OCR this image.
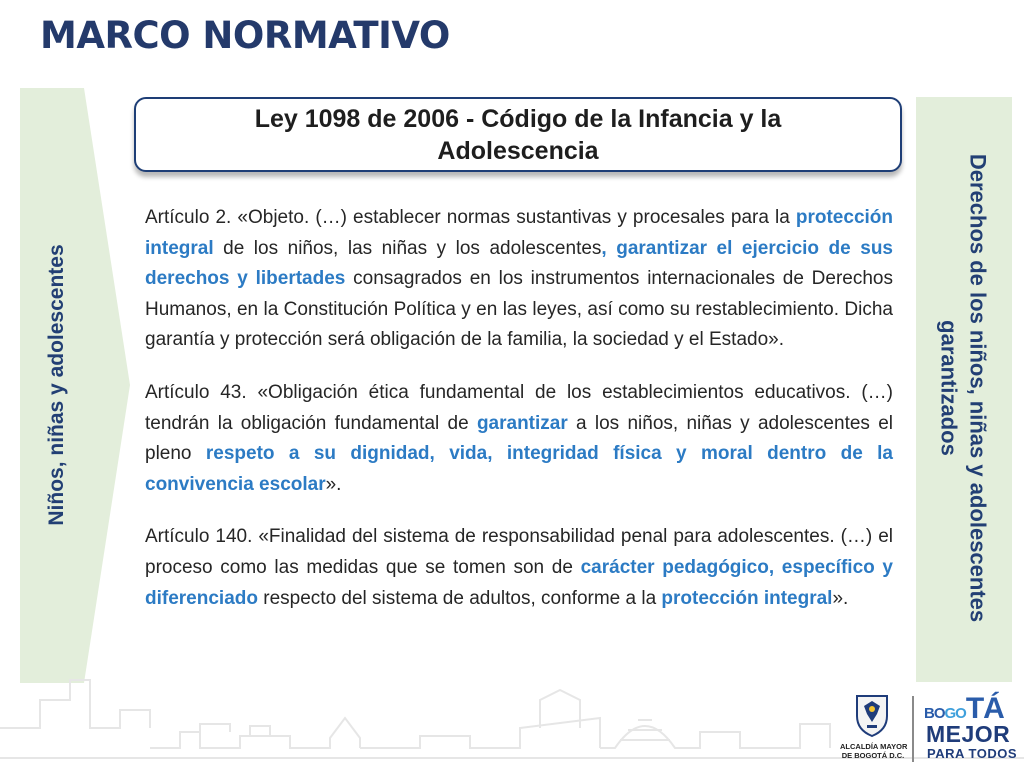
MARCO NORMATIVO
Niños, niñas y adolescentes	Derechos de los niños, niñas y adolescentes garantizados
Ley 1098 de 2006 - Código de la Infancia y la Adolescencia

Artículo 2. «Objeto. (…) establecer normas sustantivas y procesales para la protección integral de los niños, las niñas y los adolescentes, garantizar el ejercicio de sus derechos y libertades consagrados en los instrumentos internacionales de Derechos Humanos, en la Constitución Política y en las leyes, así como su restablecimiento. Dicha garantía y protección será obligación de la familia, la sociedad y el Estado».

Artículo 43. «Obligación ética fundamental de los establecimientos educativos. (…) tendrán la obligación fundamental de garantizar a los niños, niñas y adolescentes el pleno respeto a su dignidad, vida, integridad física y moral dentro de la convivencia escolar».

Artículo 140. «Finalidad del sistema de responsabilidad penal para adolescentes. (…) el proceso como las medidas que se tomen son de carácter pedagógico, específico y diferenciado respecto del sistema de adultos, conforme a la protección integral».

ALCALDÍA MAYOR
DE BOGOTÁ D.C.
BOGOTÁ
MEJOR
PARA TODOS
